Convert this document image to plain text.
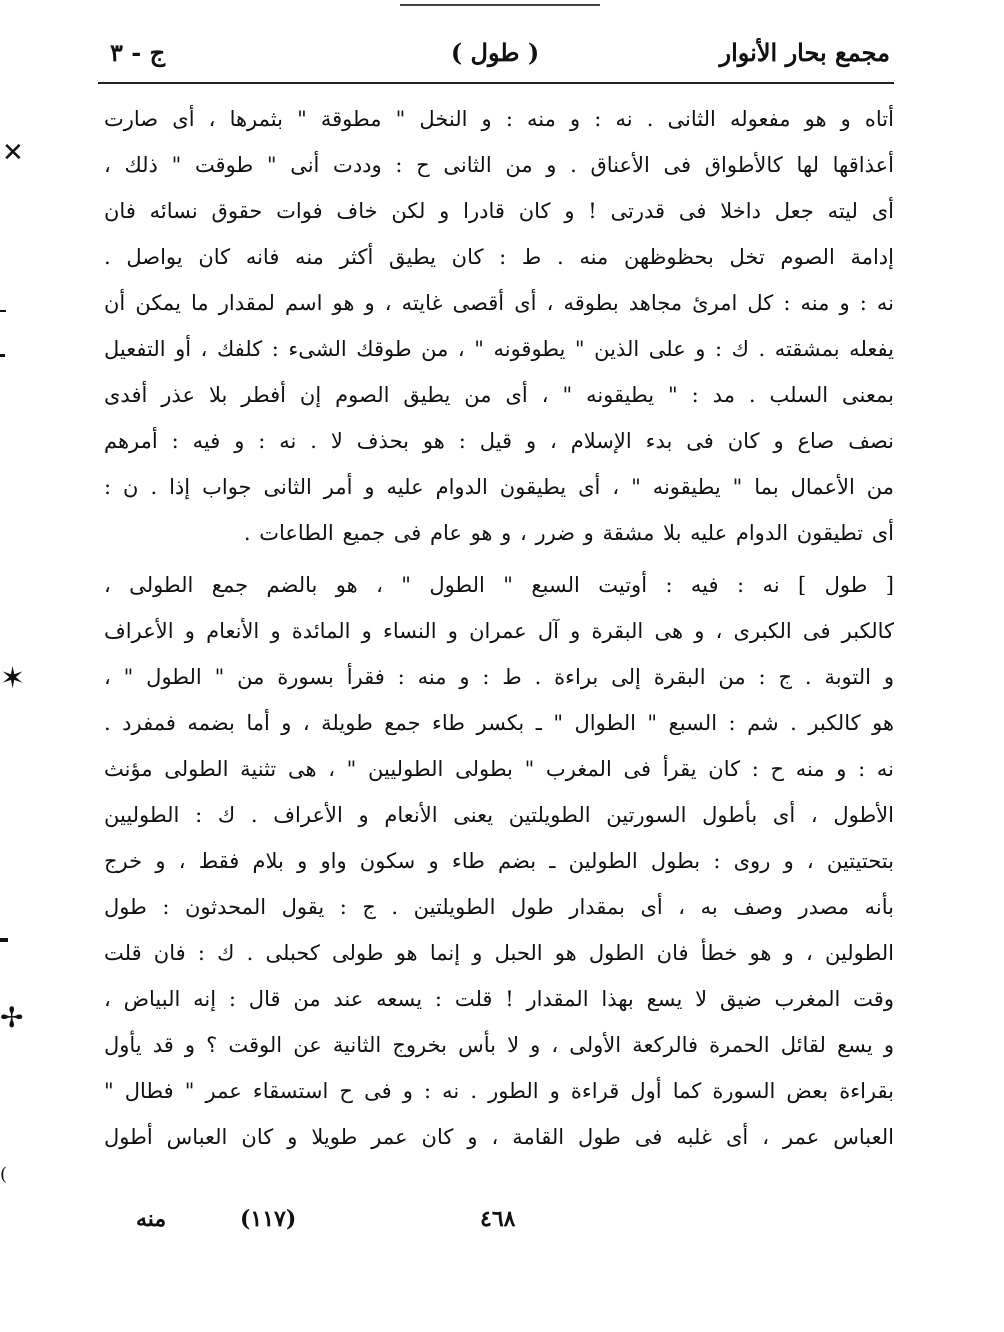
مجمع بحار الأنوار
( طول )
ج - ٣
أتاه و هو مفعوله الثانى . نه : و منه : و النخل " مطوقة " بثمرها ، أى صارت
أعذاقها لها كالأطواق فى الأعناق . و من الثانى ح : وددت أنى " طوقت " ذلك ،
أى ليته جعل داخلا فى قدرتى ! و كان قادرا و لكن خاف فوات حقوق نسائه فان
إدامة الصوم تخل بحظوظهن منه . ط : كان يطيق أكثر منه فانه كان يواصل .
نه : و منه : كل امرئ مجاهد بطوقه ، أى أقصى غايته ، و هو اسم لمقدار ما يمكن أن
يفعله بمشقته . ك : و على الذين " يطوقونه " ، من طوقك الشىء : كلفك ، أو التفعيل
بمعنى السلب . مد : " يطيقونه " ، أى من يطيق الصوم إن أفطر بلا عذر أفدى
نصف صاع و كان فى بدء الإسلام ، و قيل : هو بحذف لا . نه : و فيه : أمرهم
من الأعمال بما " يطيقونه " ، أى يطيقون الدوام عليه و أمر الثانى جواب إذا . ن :
أى تطيقون الدوام عليه بلا مشقة و ضرر ، و هو عام فى جميع الطاعات .
[ طول ] نه : فيه : أوتيت السبع " الطول " ، هو بالضم جمع الطولى ،
كالكبر فى الكبرى ، و هى البقرة و آل عمران و النساء و المائدة و الأنعام و الأعراف
و التوبة . ج : من البقرة إلى براءة . ط : و منه : فقرأ بسورة من " الطول " ،
هو كالكبر . شم : السبع " الطوال " ـ بكسر طاء جمع طويلة ، و أما بضمه فمفرد .
نه : و منه ح : كان يقرأ فى المغرب " بطولى الطوليين " ، هى تثنية الطولى مؤنث
الأطول ، أى بأطول السورتين الطويلتين يعنى الأنعام و الأعراف . ك : الطوليين
بتحتيتين ، و روى : بطول الطولين ـ بضم طاء و سكون واو و بلام فقط ، و خرج
بأنه مصدر وصف به ، أى بمقدار طول الطويلتين . ج : يقول المحدثون : طول
الطولين ، و هو خطأ فان الطول هو الحبل و إنما هو طولى كحبلى . ك : فان قلت
وقت المغرب ضيق لا يسع بهذا المقدار ! قلت : يسعه عند من قال : إنه البياض ،
و يسع لقائل الحمرة فالركعة الأولى ، و لا بأس بخروج الثانية عن الوقت ؟ و قد يأول
بقراءة بعض السورة كما أول قراءة و الطور . نه : و فى ح استسقاء عمر " فطال "
العباس عمر ، أى غلبه فى طول القامة ، و كان عمر طويلا و كان العباس أطول
منه	(١١٧)	٤٦٨
✕
✶
✢
(
